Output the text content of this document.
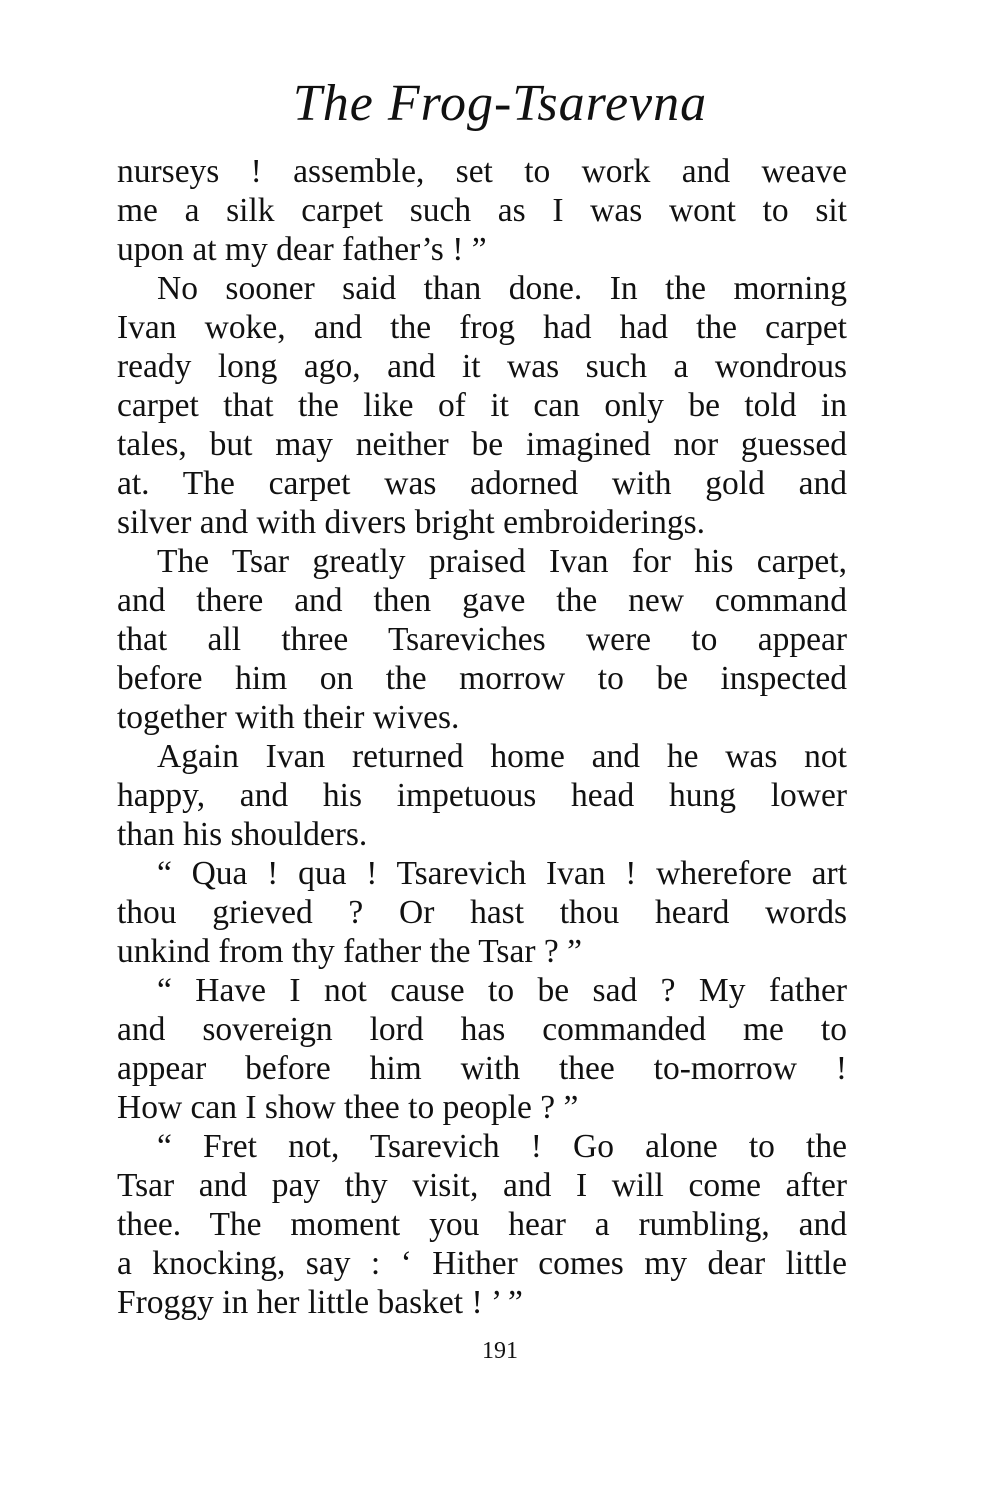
The Frog-Tsarevna
nurseys ! assemble, set to work and weave
me a silk carpet such as I was wont to sit
upon at my dear father’s ! ”
No sooner said than done. In the morning
Ivan woke, and the frog had had the carpet
ready long ago, and it was such a wondrous
carpet that the like of it can only be told in
tales, but may neither be imagined nor guessed
at. The carpet was adorned with gold and
silver and with divers bright embroiderings.
The Tsar greatly praised Ivan for his carpet,
and there and then gave the new command
that all three Tsareviches were to appear
before him on the morrow to be inspected
together with their wives.
Again Ivan returned home and he was not
happy, and his impetuous head hung lower
than his shoulders.
“ Qua ! qua ! Tsarevich Ivan ! wherefore art
thou grieved ? Or hast thou heard words
unkind from thy father the Tsar ? ”
“ Have I not cause to be sad ? My father
and sovereign lord has commanded me to
appear before him with thee to-morrow !
How can I show thee to people ? ”
“ Fret not, Tsarevich ! Go alone to the
Tsar and pay thy visit, and I will come after
thee. The moment you hear a rumbling, and
a knocking, say : ‘ Hither comes my dear little
Froggy in her little basket ! ’ ”
191
